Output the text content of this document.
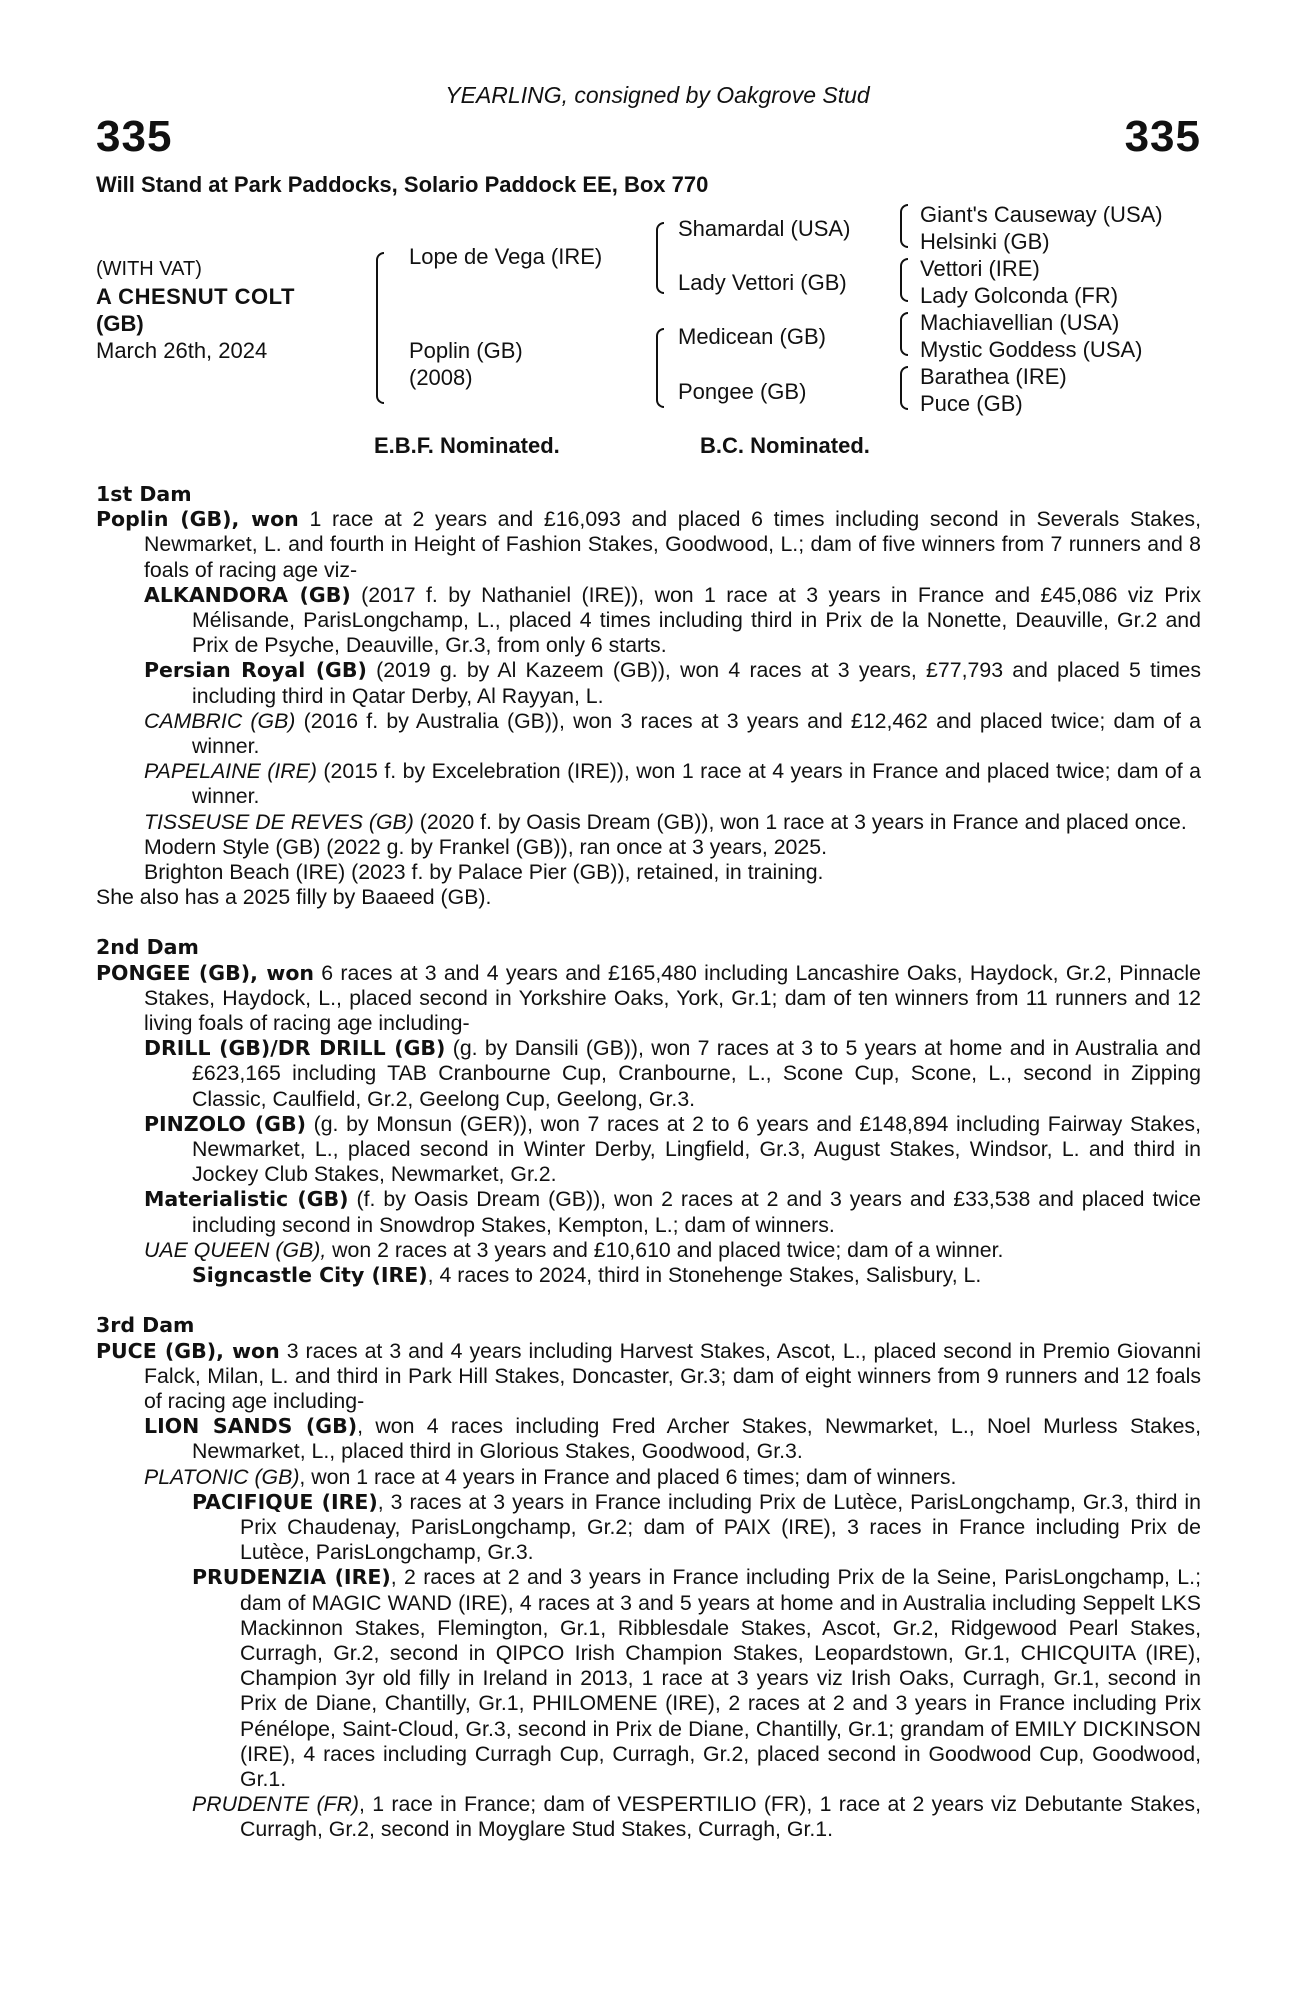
YEARLING, consigned by Oakgrove Stud
335	335
Will Stand at Park Paddocks, Solario Paddock EE, Box 770
(WITH VAT)
A CHESNUT COLT
(GB)
March 26th, 2024
Lope de Vega (IRE)
Poplin (GB)
(2008)
Shamardal (USA)
Lady Vettori (GB)
Medicean (GB)
Pongee (GB)
Giant's Causeway (USA)
Helsinki (GB)
Vettori (IRE)
Lady Golconda (FR)
Machiavellian (USA)
Mystic Goddess (USA)
Barathea (IRE)
Puce (GB)
E.B.F. Nominated.	B.C. Nominated.
1st Dam
Poplin (GB), won 1 race at 2 years and £16,093 and placed 6 times including second in Severals Stakes, Newmarket, L. and fourth in Height of Fashion Stakes, Goodwood, L.; dam of five winners from 7 runners and 8 foals of racing age viz-
ALKANDORA (GB) (2017 f. by Nathaniel (IRE)), won 1 race at 3 years in France and £45,086 viz Prix Mélisande, ParisLongchamp, L., placed 4 times including third in Prix de la Nonette, Deauville, Gr.2 and Prix de Psyche, Deauville, Gr.3, from only 6 starts.
Persian Royal (GB) (2019 g. by Al Kazeem (GB)), won 4 races at 3 years, £77,793 and placed 5 times including third in Qatar Derby, Al Rayyan, L.
CAMBRIC (GB) (2016 f. by Australia (GB)), won 3 races at 3 years and £12,462 and placed twice; dam of a winner.
PAPELAINE (IRE) (2015 f. by Excelebration (IRE)), won 1 race at 4 years in France and placed twice; dam of a winner.
TISSEUSE DE REVES (GB) (2020 f. by Oasis Dream (GB)), won 1 race at 3 years in France and placed once.
Modern Style (GB) (2022 g. by Frankel (GB)), ran once at 3 years, 2025.
Brighton Beach (IRE) (2023 f. by Palace Pier (GB)), retained, in training.
She also has a 2025 filly by Baaeed (GB).
2nd Dam
PONGEE (GB), won 6 races at 3 and 4 years and £165,480 including Lancashire Oaks, Haydock, Gr.2, Pinnacle Stakes, Haydock, L., placed second in Yorkshire Oaks, York, Gr.1; dam of ten winners from 11 runners and 12 living foals of racing age including-
DRILL (GB)/DR DRILL (GB) (g. by Dansili (GB)), won 7 races at 3 to 5 years at home and in Australia and £623,165 including TAB Cranbourne Cup, Cranbourne, L., Scone Cup, Scone, L., second in Zipping Classic, Caulfield, Gr.2, Geelong Cup, Geelong, Gr.3.
PINZOLO (GB) (g. by Monsun (GER)), won 7 races at 2 to 6 years and £148,894 including Fairway Stakes, Newmarket, L., placed second in Winter Derby, Lingfield, Gr.3, August Stakes, Windsor, L. and third in Jockey Club Stakes, Newmarket, Gr.2.
Materialistic (GB) (f. by Oasis Dream (GB)), won 2 races at 2 and 3 years and £33,538 and placed twice including second in Snowdrop Stakes, Kempton, L.; dam of winners.
UAE QUEEN (GB), won 2 races at 3 years and £10,610 and placed twice; dam of a winner.
Signcastle City (IRE), 4 races to 2024, third in Stonehenge Stakes, Salisbury, L.
3rd Dam
PUCE (GB), won 3 races at 3 and 4 years including Harvest Stakes, Ascot, L., placed second in Premio Giovanni Falck, Milan, L. and third in Park Hill Stakes, Doncaster, Gr.3; dam of eight winners from 9 runners and 12 foals of racing age including-
LION SANDS (GB), won 4 races including Fred Archer Stakes, Newmarket, L., Noel Murless Stakes, Newmarket, L., placed third in Glorious Stakes, Goodwood, Gr.3.
PLATONIC (GB), won 1 race at 4 years in France and placed 6 times; dam of winners.
PACIFIQUE (IRE), 3 races at 3 years in France including Prix de Lutèce, ParisLongchamp, Gr.3, third in Prix Chaudenay, ParisLongchamp, Gr.2; dam of PAIX (IRE), 3 races in France including Prix de Lutèce, ParisLongchamp, Gr.3.
PRUDENZIA (IRE), 2 races at 2 and 3 years in France including Prix de la Seine, ParisLongchamp, L.; dam of MAGIC WAND (IRE), 4 races at 3 and 5 years at home and in Australia including Seppelt LKS Mackinnon Stakes, Flemington, Gr.1, Ribblesdale Stakes, Ascot, Gr.2, Ridgewood Pearl Stakes, Curragh, Gr.2, second in QIPCO Irish Champion Stakes, Leopardstown, Gr.1, CHICQUITA (IRE), Champion 3yr old filly in Ireland in 2013, 1 race at 3 years viz Irish Oaks, Curragh, Gr.1, second in Prix de Diane, Chantilly, Gr.1, PHILOMENE (IRE), 2 races at 2 and 3 years in France including Prix Pénélope, Saint-Cloud, Gr.3, second in Prix de Diane, Chantilly, Gr.1; grandam of EMILY DICKINSON (IRE), 4 races including Curragh Cup, Curragh, Gr.2, placed second in Goodwood Cup, Goodwood, Gr.1.
PRUDENTE (FR), 1 race in France; dam of VESPERTILIO (FR), 1 race at 2 years viz Debutante Stakes, Curragh, Gr.2, second in Moyglare Stud Stakes, Curragh, Gr.1.
